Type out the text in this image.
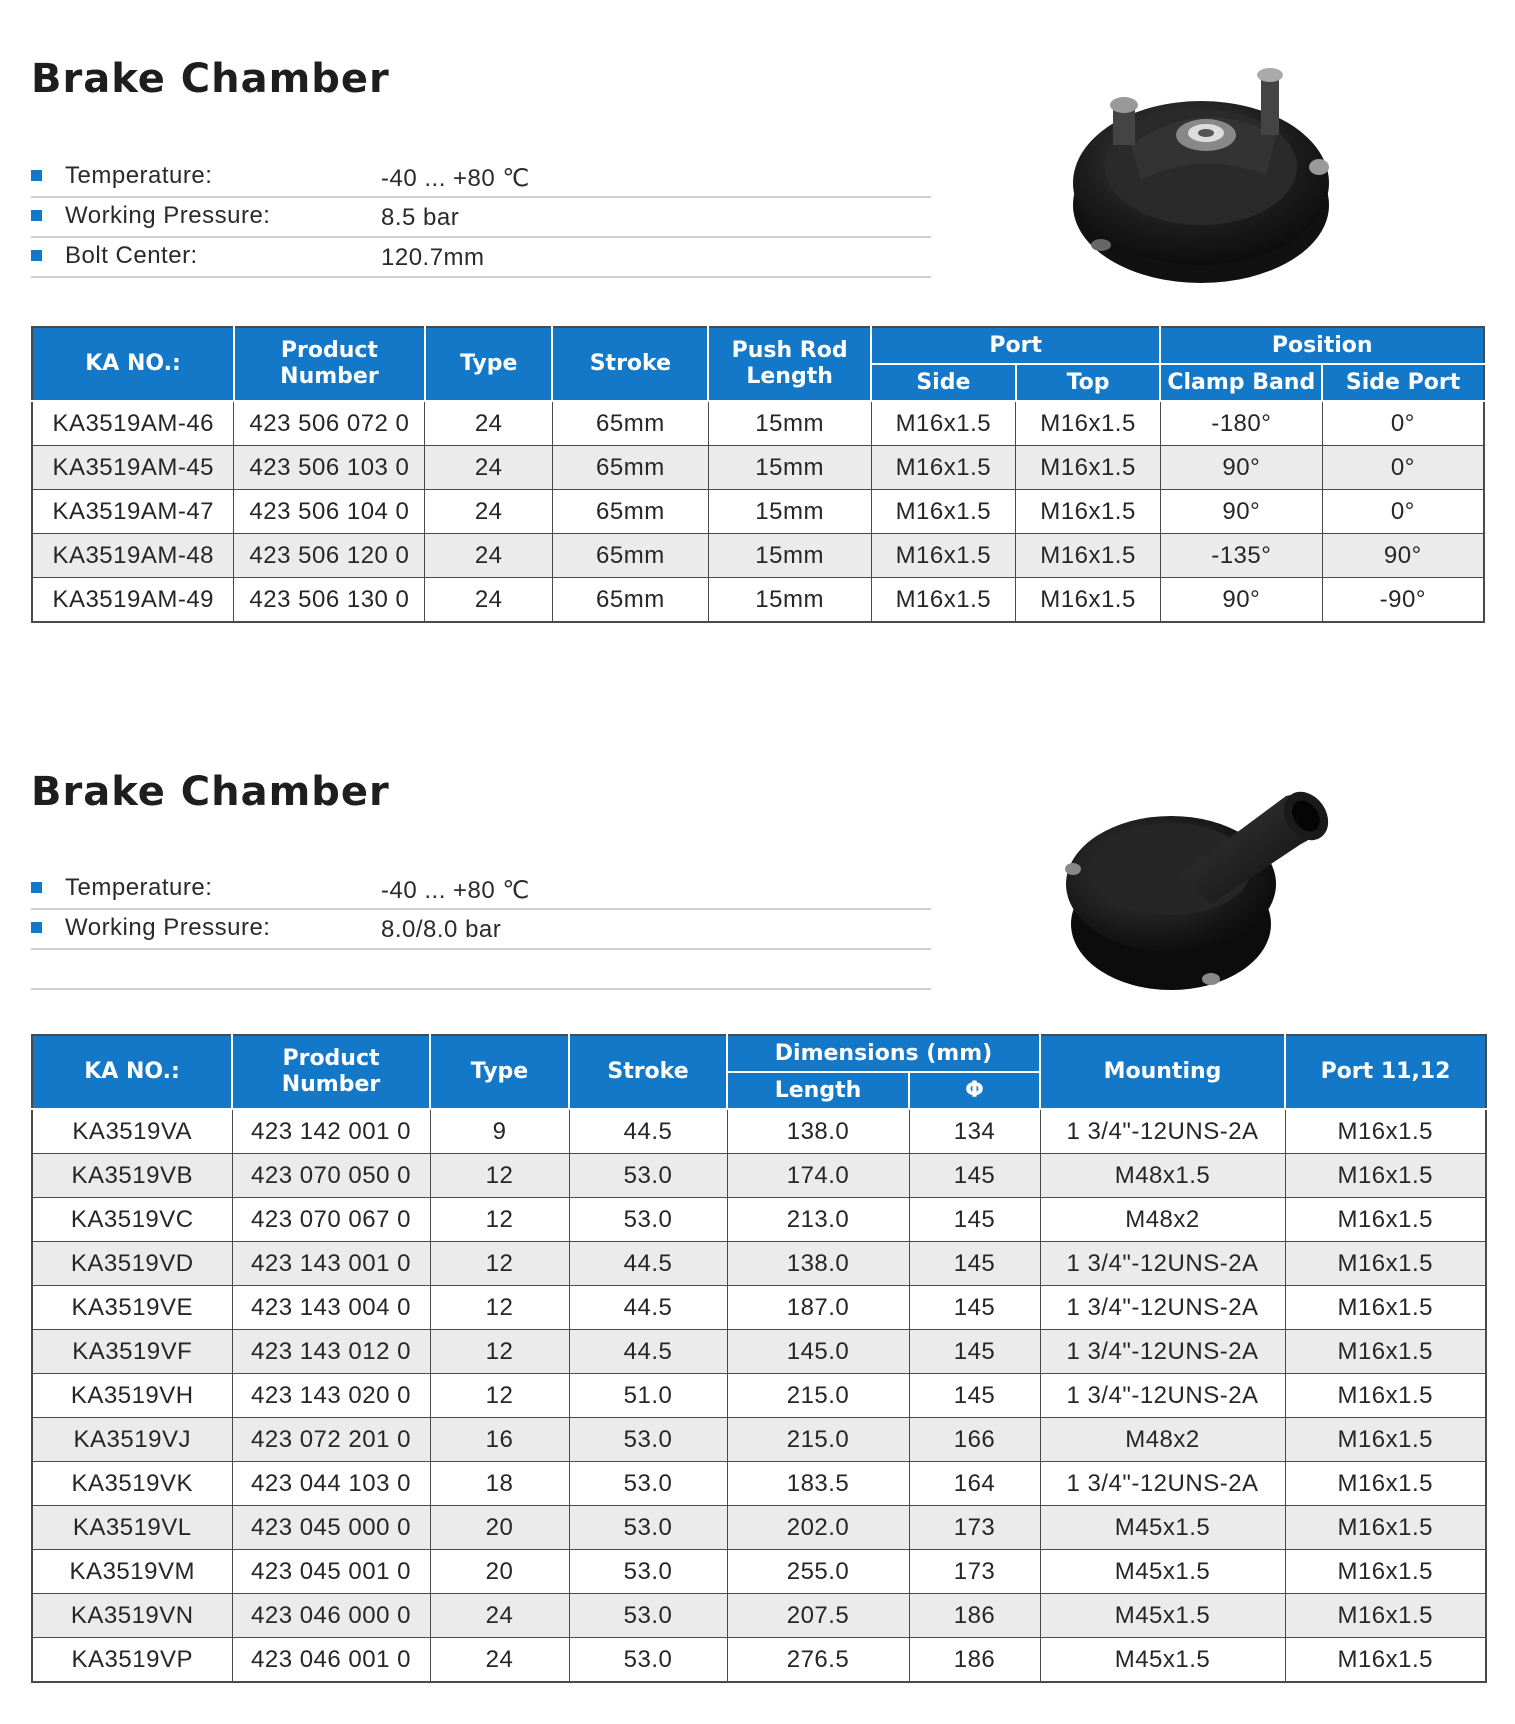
Brake Chamber
Temperature:	-40 ... +80 ℃
Working Pressure:	8.5 bar
Bolt Center:	120.7mm
KA NO.:	Product Number	Type	Stroke	Push Rod Length	Port		Position	
					Side	Top	Clamp Band	Side Port
KA3519AM-46	423 506 072 0	24	65mm	15mm	M16x1.5	M16x1.5	-180°	0°
KA3519AM-45	423 506 103 0	24	65mm	15mm	M16x1.5	M16x1.5	90°	0°
KA3519AM-47	423 506 104 0	24	65mm	15mm	M16x1.5	M16x1.5	90°	0°
KA3519AM-48	423 506 120 0	24	65mm	15mm	M16x1.5	M16x1.5	-135°	90°
KA3519AM-49	423 506 130 0	24	65mm	15mm	M16x1.5	M16x1.5	90°	-90°
Brake Chamber
Temperature:	-40 ... +80 ℃
Working Pressure:	8.0/8.0 bar
KA NO.:	Product Number	Type	Stroke	Dimensions (mm)		Mounting	Port 11,12
				Length	Φ		
KA3519VA	423 142 001 0	9	44.5	138.0	134	1 3/4"-12UNS-2A	M16x1.5
KA3519VB	423 070 050 0	12	53.0	174.0	145	M48x1.5	M16x1.5
KA3519VC	423 070 067 0	12	53.0	213.0	145	M48x2	M16x1.5
KA3519VD	423 143 001 0	12	44.5	138.0	145	1 3/4"-12UNS-2A	M16x1.5
KA3519VE	423 143 004 0	12	44.5	187.0	145	1 3/4"-12UNS-2A	M16x1.5
KA3519VF	423 143 012 0	12	44.5	145.0	145	1 3/4"-12UNS-2A	M16x1.5
KA3519VH	423 143 020 0	12	51.0	215.0	145	1 3/4"-12UNS-2A	M16x1.5
KA3519VJ	423 072 201 0	16	53.0	215.0	166	M48x2	M16x1.5
KA3519VK	423 044 103 0	18	53.0	183.5	164	1 3/4"-12UNS-2A	M16x1.5
KA3519VL	423 045 000 0	20	53.0	202.0	173	M45x1.5	M16x1.5
KA3519VM	423 045 001 0	20	53.0	255.0	173	M45x1.5	M16x1.5
KA3519VN	423 046 000 0	24	53.0	207.5	186	M45x1.5	M16x1.5
KA3519VP	423 046 001 0	24	53.0	276.5	186	M45x1.5	M16x1.5
